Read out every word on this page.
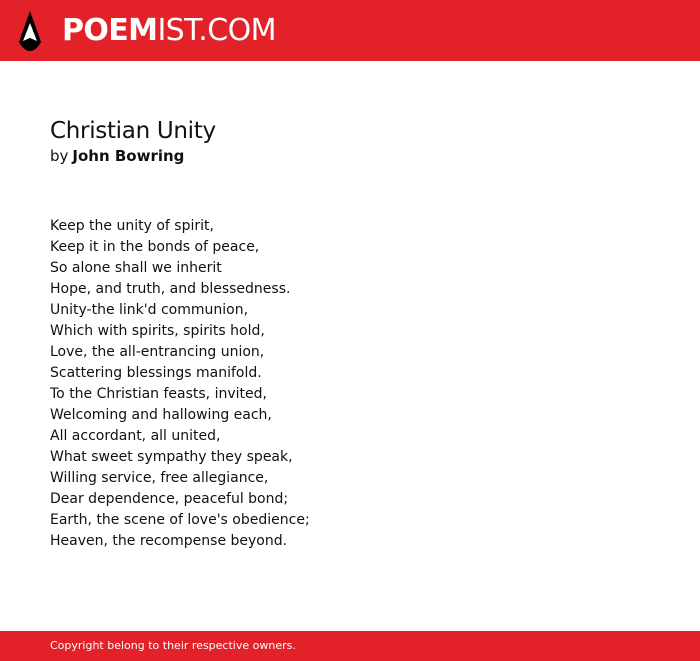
POEMIST.COM
Christian Unity
by John Bowring
Keep the unity of spirit,
Keep it in the bonds of peace,
So alone shall we inherit
Hope, and truth, and blessedness.
Unity-the link'd communion,
Which with spirits, spirits hold,
Love, the all-entrancing union,
Scattering blessings manifold.
To the Christian feasts, invited,
Welcoming and hallowing each,
All accordant, all united,
What sweet sympathy they speak,
Willing service, free allegiance,
Dear dependence, peaceful bond;
Earth, the scene of love's obedience;
Heaven, the recompense beyond.
Copyright belong to their respective owners.
